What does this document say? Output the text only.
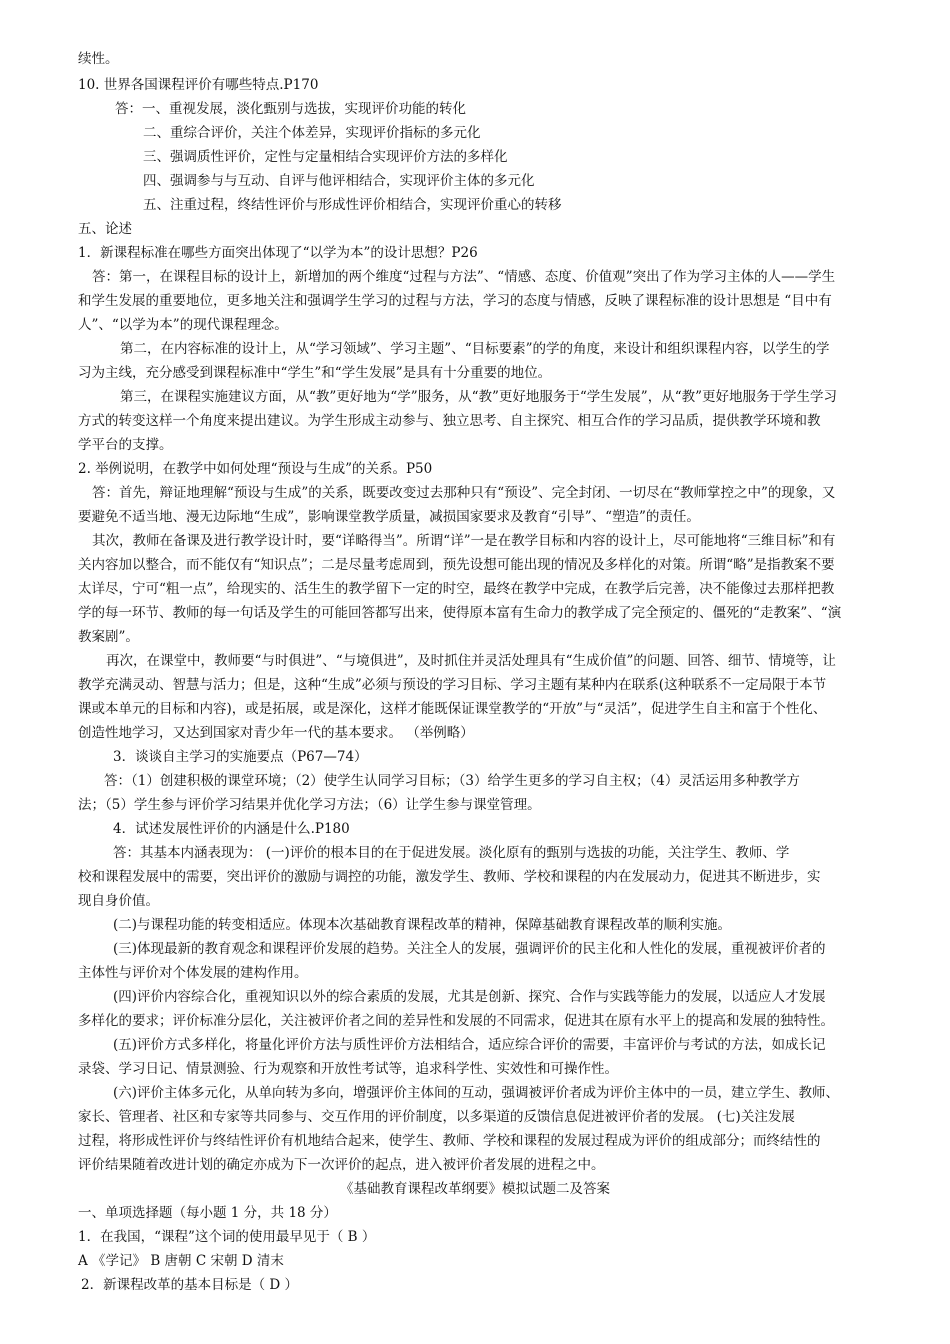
续性。
10. 世界各国课程评价有哪些特点.P170
答：一、重视发展，淡化甄别与选拔，实现评价功能的转化
二、重综合评价，关注个体差异，实现评价指标的多元化
三、强调质性评价，定性与定量相结合实现评价方法的多样化
四、强调参与与互动、自评与他评相结合，实现评价主体的多元化
五、注重过程，终结性评价与形成性评价相结合，实现评价重心的转移
五、论述
1．新课程标准在哪些方面突出体现了“以学为本”的设计思想？P26
答：第一，在课程目标的设计上，新增加的两个维度“过程与方法”、“情感、态度、价值观”突出了作为学习主体的人——学生
和学生发展的重要地位，更多地关注和强调学生学习的过程与方法，学习的态度与情感，反映了课程标准的设计思想是 “目中有
人”、“以学为本”的现代课程理念。
第二，在内容标准的设计上，从“学习领域”、学习主题”、“目标要素”的学的角度，来设计和组织课程内容，以学生的学
习为主线，充分感受到课程标准中“学生”和“学生发展”是具有十分重要的地位。
第三，在课程实施建议方面，从“教”更好地为“学”服务，从“教”更好地服务于“学生发展”，从“教”更好地服务于学生学习
方式的转变这样一个角度来提出建议。为学生形成主动参与、独立思考、自主探究、相互合作的学习品质，提供教学环境和教
学平台的支撑。
2. 举例说明，在教学中如何处理“预设与生成”的关系。P50
答：首先，辩证地理解“预设与生成”的关系，既要改变过去那种只有“预设”、完全封闭、一切尽在“教师掌控之中”的现象，又
要避免不适当地、漫无边际地“生成”，影响课堂教学质量，减损国家要求及教育“引导”、“塑造”的责任。
其次，教师在备课及进行教学设计时，要“详略得当”。所谓“详”一是在教学目标和内容的设计上，尽可能地将“三维目标”和有
关内容加以整合，而不能仅有“知识点”；二是尽量考虑周到，预先设想可能出现的情况及多样化的对策。所谓“略”是指教案不要
太详尽，宁可“粗一点”，给现实的、活生生的教学留下一定的时空，最终在教学中完成，在教学后完善，决不能像过去那样把教
学的每一环节、教师的每一句话及学生的可能回答都写出来，使得原本富有生命力的教学成了完全预定的、僵死的“走教案”、“演
教案剧”。
再次，在课堂中，教师要“与时俱进”、“与境俱进”，及时抓住并灵活处理具有“生成价值”的问题、回答、细节、情境等，让
教学充满灵动、智慧与活力；但是，这种“生成”必须与预设的学习目标、学习主题有某种内在联系(这种联系不一定局限于本节
课或本单元的目标和内容)，或是拓展，或是深化，这样才能既保证课堂教学的“开放”与“灵活”，促进学生自主和富于个性化、
创造性地学习，又达到国家对青少年一代的基本要求。 （举例略）
3．谈谈自主学习的实施要点（P67—74）
答：（1）创建积极的课堂环境；（2）使学生认同学习目标；（3）给学生更多的学习自主权；（4）灵活运用多种教学方
法；（5）学生参与评价学习结果并优化学习方法；（6）让学生参与课堂管理。
4．试述发展性评价的内涵是什么.P180
答：其基本内涵表现为： (一)评价的根本目的在于促进发展。淡化原有的甄别与选拔的功能，关注学生、教师、学
校和课程发展中的需要，突出评价的激励与调控的功能，激发学生、教师、学校和课程的内在发展动力，促进其不断进步，实
现自身价值。
(二)与课程功能的转变相适应。体现本次基础教育课程改革的精神，保障基础教育课程改革的顺利实施。
(三)体现最新的教育观念和课程评价发展的趋势。关注全人的发展，强调评价的民主化和人性化的发展，重视被评价者的
主体性与评价对个体发展的建构作用。
(四)评价内容综合化，重视知识以外的综合素质的发展，尤其是创新、探究、合作与实践等能力的发展，以适应人才发展
多样化的要求；评价标准分层化，关注被评价者之间的差异性和发展的不同需求，促进其在原有水平上的提高和发展的独特性。
(五)评价方式多样化，将量化评价方法与质性评价方法相结合，适应综合评价的需要，丰富评价与考试的方法，如成长记
录袋、学习日记、情景测验、行为观察和开放性考试等，追求科学性、实效性和可操作性。
(六)评价主体多元化，从单向转为多向，增强评价主体间的互动，强调被评价者成为评价主体中的一员，建立学生、教师、
家长、管理者、社区和专家等共同参与、交互作用的评价制度，以多渠道的反馈信息促进被评价者的发展。 (七)关注发展
过程，将形成性评价与终结性评价有机地结合起来，使学生、教师、学校和课程的发展过程成为评价的组成部分；而终结性的
评价结果随着改进计划的确定亦成为下一次评价的起点，进入被评价者发展的进程之中。
《基础教育课程改革纲要》模拟试题二及答案
一、单项选择题（每小题 1 分，共 18 分）
1．在我国，“课程”这个词的使用最早见于（ B ）
A 《学记》 B 唐朝 C 宋朝 D 清末
2．新课程改革的基本目标是（ D ）
